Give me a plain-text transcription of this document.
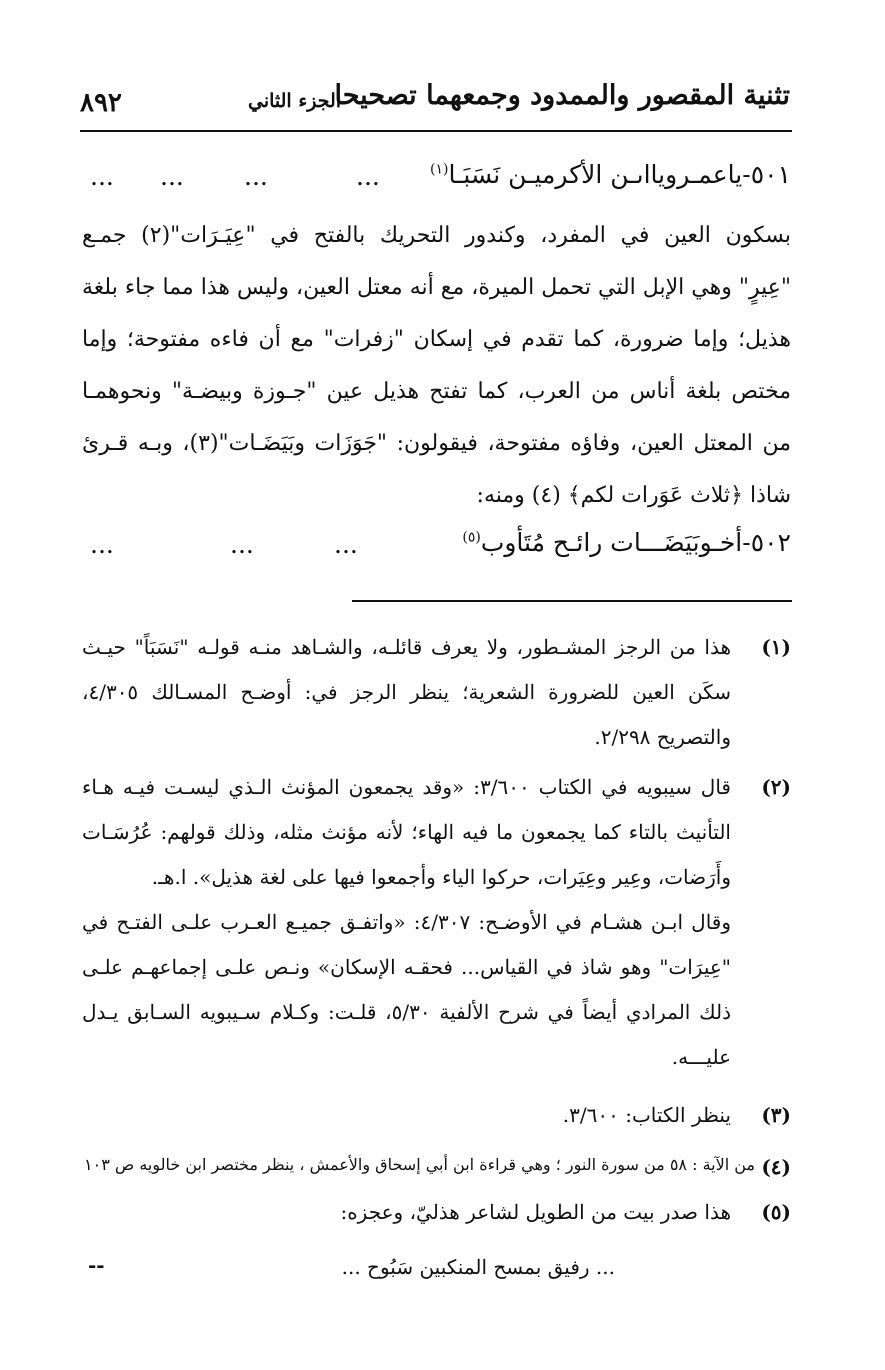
تثنية المقصور والممدود وجمعهما تصحيحا
الجزء الثاني
٨٩٢
٥٠١-ياعمـرويااىـن الأكرميـن نَسَبَـا$^{(١)}$
...
...
...
...
بسكون العين في المفرد، وكندور التحريك بالفتح في "عِيَـرَات"(٢) جمـع
"عِيرٍ" وهي الإبل التي تحمل الميرة، مع أنه معتل العين، وليس هذا مما جاء بلغة
هذيل؛ وإما ضرورة، كما تقدم في إسكان "زفرات" مع أن فاءه مفتوحة؛ وإما
مختص بلغة أناس من العرب، كما تفتح هذيل عين "جـوزة وبيضـة" ونحوهمـا
من المعتل العين، وفاؤه مفتوحة، فيقولون: "جَوَزَات وبَيَضَـات"(٣)، وبـه قـرئ
شاذا ﴿ثلاث عَوَرات لكم﴾ (٤) ومنه:
٥٠٢-أخـوبَيَضَـــات رائـح مُتَأوب$^{(٥)}$
...
...
...
(١)
هذا من الرجز المشـطور، ولا يعرف قائلـه، والشـاهد منـه قولـه "نَسَبَاً" حيـث
سكَن العين للضرورة الشعرية؛ ينظر الرجز في: أوضـح المسـالك ٤/٣٠٥،
والتصريح ٢/٢٩٨.
(٢)
قال سيبويه في الكتاب ٣/٦٠٠: «وقد يجمعون المؤنث الـذي ليسـت فيـه هـاء
التأنيث بالتاء كما يجمعون ما فيه الهاء؛ لأنه مؤنث مثله، وذلك قولهم: عُرُسَـات
وأَرَضات، وعِير وعِيَرات، حركوا الياء وأجمعوا فيها على لغة هذيل». ا.هـ.
وقال ابـن هشـام في الأوضـح: ٤/٣٠٧: «واتفـق جميـع العـرب علـى الفتـح في
"عِيرَات" وهو شاذ في القياس... فحقـه الإسكان» ونـص علـى إجماعهـم علـى
ذلك المرادي أيضاً في شرح الألفية ٥/٣٠، قلـت: وكـلام سـيبويه السـابق يـدل
عليـــه.
(٣)
ينظر الكتاب: ٣/٦٠٠.
(٤)
من الآية : ٥٨ من سورة النور ؛ وهي قراءة ابن أبي إسحاق والأعمش ، ينظر مختصر ابن خالويه ص ١٠٣
(٥)
هذا صدر بيت من الطويل لشاعر هذليّ، وعجزه:
... رفيق بمسح المنكبين سَبُوح ...
--
